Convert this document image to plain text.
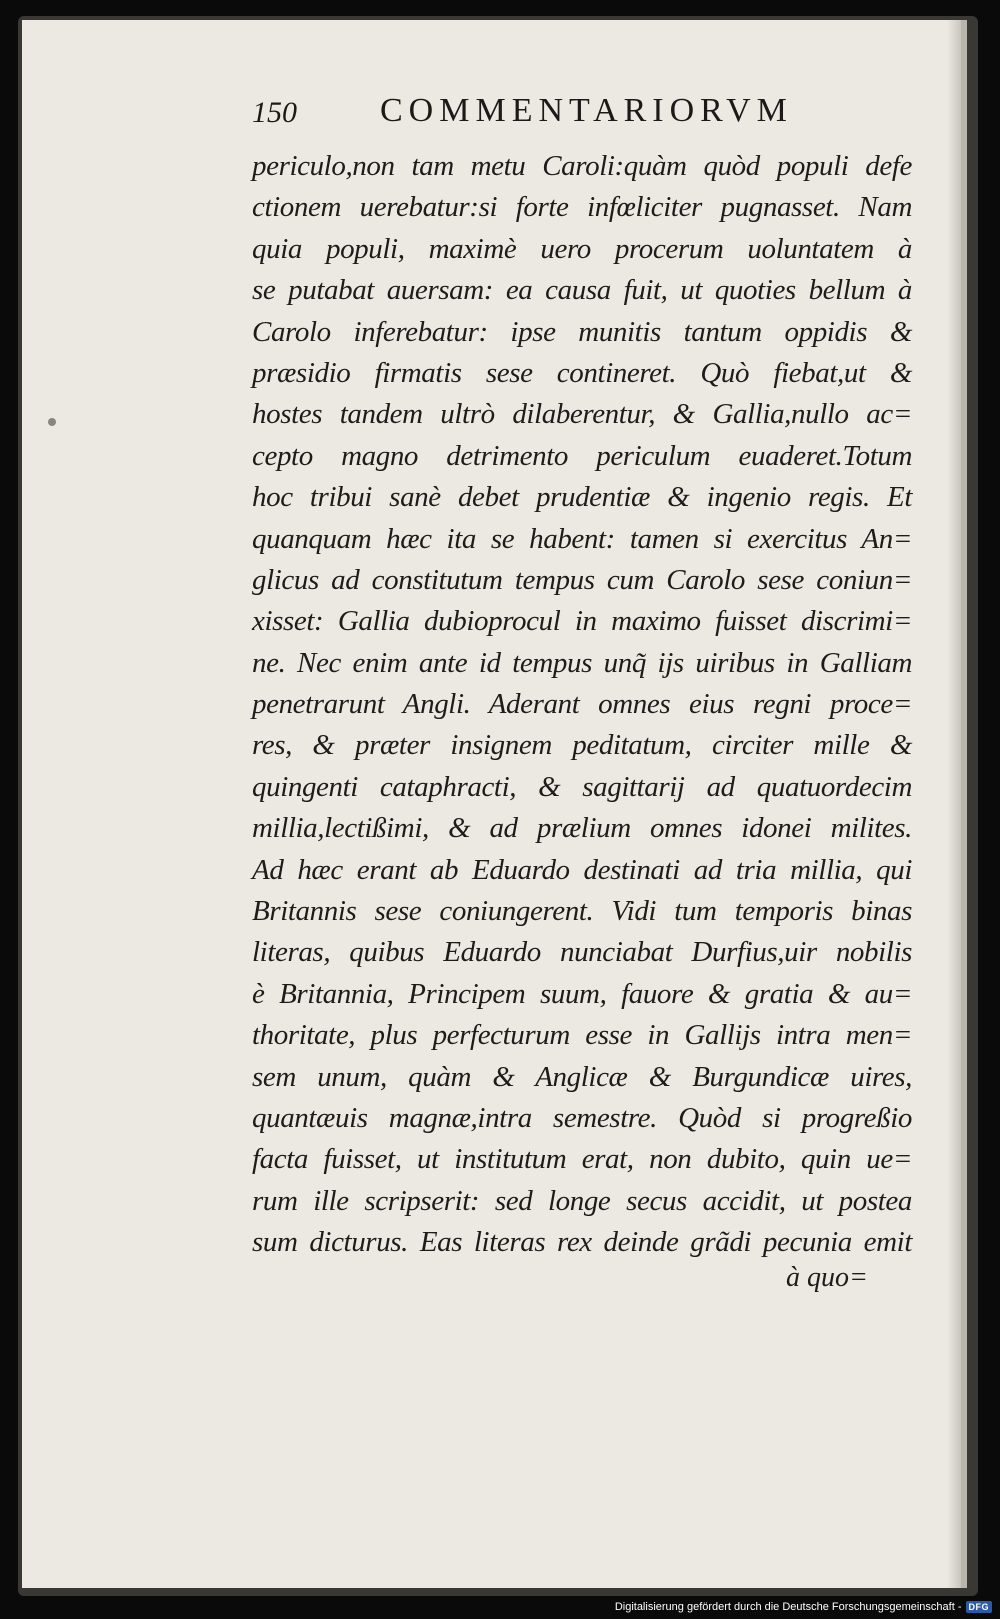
150 COMMENTARIORVM
periculo,non tam metu Caroli:quàm quòd populi defe
ctionem uerebatur:si forte infœliciter pugnasset. Nam
quia populi, maximè uero procerum uoluntatem à
se putabat auersam: ea causa fuit, ut quoties bellum à
Carolo inferebatur: ipse munitis tantum oppidis &
præsidio firmatis sese contineret. Quò fiebat,ut &
hostes tandem ultrò dilaberentur, & Gallia,nullo ac=
cepto magno detrimento periculum euaderet.Totum
hoc tribui sanè debet prudentiæ & ingenio regis. Et
quanquam hæc ita se habent: tamen si exercitus An=
glicus ad constitutum tempus cum Carolo sese coniun=
xisset: Gallia dubioprocul in maximo fuisset discrimi=
ne. Nec enim ante id tempus unq̃ ijs uiribus in Galliam
penetrarunt Angli. Aderant omnes eius regni proce=
res, & præter insignem peditatum, circiter mille &
quingenti cataphracti, & sagittarij ad quatuordecim
millia,lectißimi, & ad prælium omnes idonei milites.
Ad hæc erant ab Eduardo destinati ad tria millia, qui
Britannis sese coniungerent. Vidi tum temporis binas
literas, quibus Eduardo nunciabat Durfius,uir nobilis
è Britannia, Principem suum, fauore & gratia & au=
thoritate, plus perfecturum esse in Gallijs intra men=
sem unum, quàm & Anglicæ & Burgundicæ uires,
quantæuis magnæ,intra semestre. Quòd si progreßio
facta fuisset, ut institutum erat, non dubito, quin ue=
rum ille scripserit: sed longe secus accidit, ut postea
sum dicturus. Eas literas rex deinde grãdi pecunia emit
à quo=
Digitalisierung gefördert durch die Deutsche Forschungsgemeinschaft - DFG
